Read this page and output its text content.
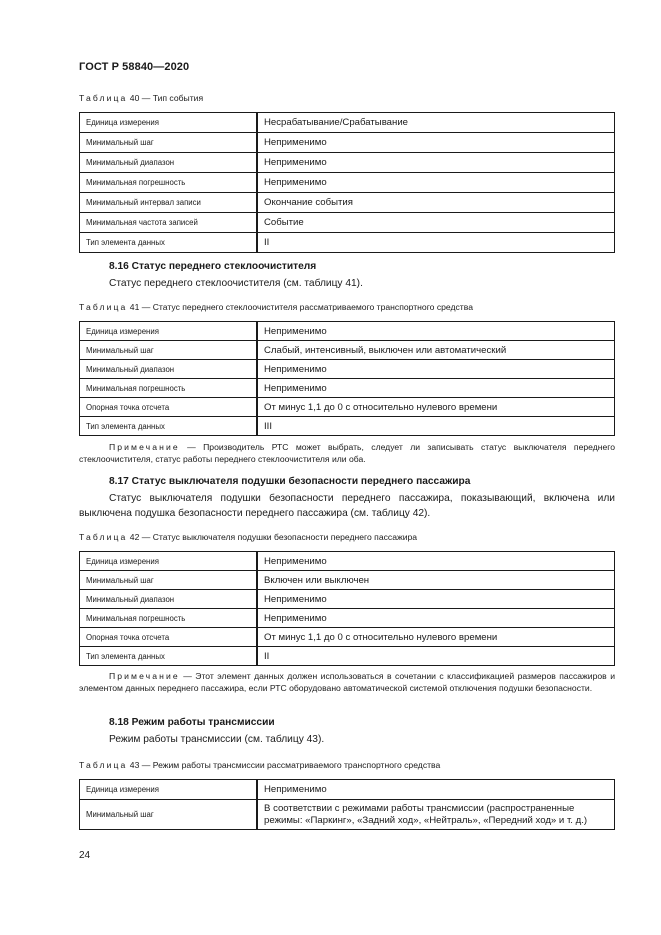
ГОСТ Р 58840—2020
Таблица 40 — Тип события
Единица измерения	Несрабатывание/Срабатывание
Минимальный шаг	Неприменимо
Минимальный диапазон	Неприменимо
Минимальная погрешность	Неприменимо
Минимальный интервал записи	Окончание события
Минимальная частота записей	Событие
Тип элемента данных	II
8.16 Статус переднего стеклоочистителя
Статус переднего стеклоочистителя (см. таблицу 41).
Таблица 41 — Статус переднего стеклоочистителя рассматриваемого транспортного средства
Единица измерения	Неприменимо
Минимальный шаг	Слабый, интенсивный, выключен или автоматический
Минимальный диапазон	Неприменимо
Минимальная погрешность	Неприменимо
Опорная точка отсчета	От минус 1,1 до 0 с относительно нулевого времени
Тип элемента данных	III
Примечание — Производитель РТС может выбрать, следует ли записывать статус выключателя переднего стеклоочистителя, статус работы переднего стеклоочистителя или оба.
8.17 Статус выключателя подушки безопасности переднего пассажира
Статус выключателя подушки безопасности переднего пассажира, показывающий, включена или выключена подушка безопасности переднего пассажира (см. таблицу 42).
Таблица 42 — Статус выключателя подушки безопасности переднего пассажира
Единица измерения	Неприменимо
Минимальный шаг	Включен или выключен
Минимальный диапазон	Неприменимо
Минимальная погрешность	Неприменимо
Опорная точка отсчета	От минус 1,1 до 0 с относительно нулевого времени
Тип элемента данных	II
Примечание — Этот элемент данных должен использоваться в сочетании с классификацией размеров пассажиров и элементом данных переднего пассажира, если РТС оборудовано автоматической системой отключения подушки безопасности.
8.18 Режим работы трансмиссии
Режим работы трансмиссии (см. таблицу 43).
Таблица 43 — Режим работы трансмиссии рассматриваемого транспортного средства
Единица измерения	Неприменимо
Минимальный шаг	В соответствии с режимами работы трансмиссии (распространенные режимы: «Паркинг», «Задний ход», «Нейтраль», «Передний ход» и т. д.)
24
